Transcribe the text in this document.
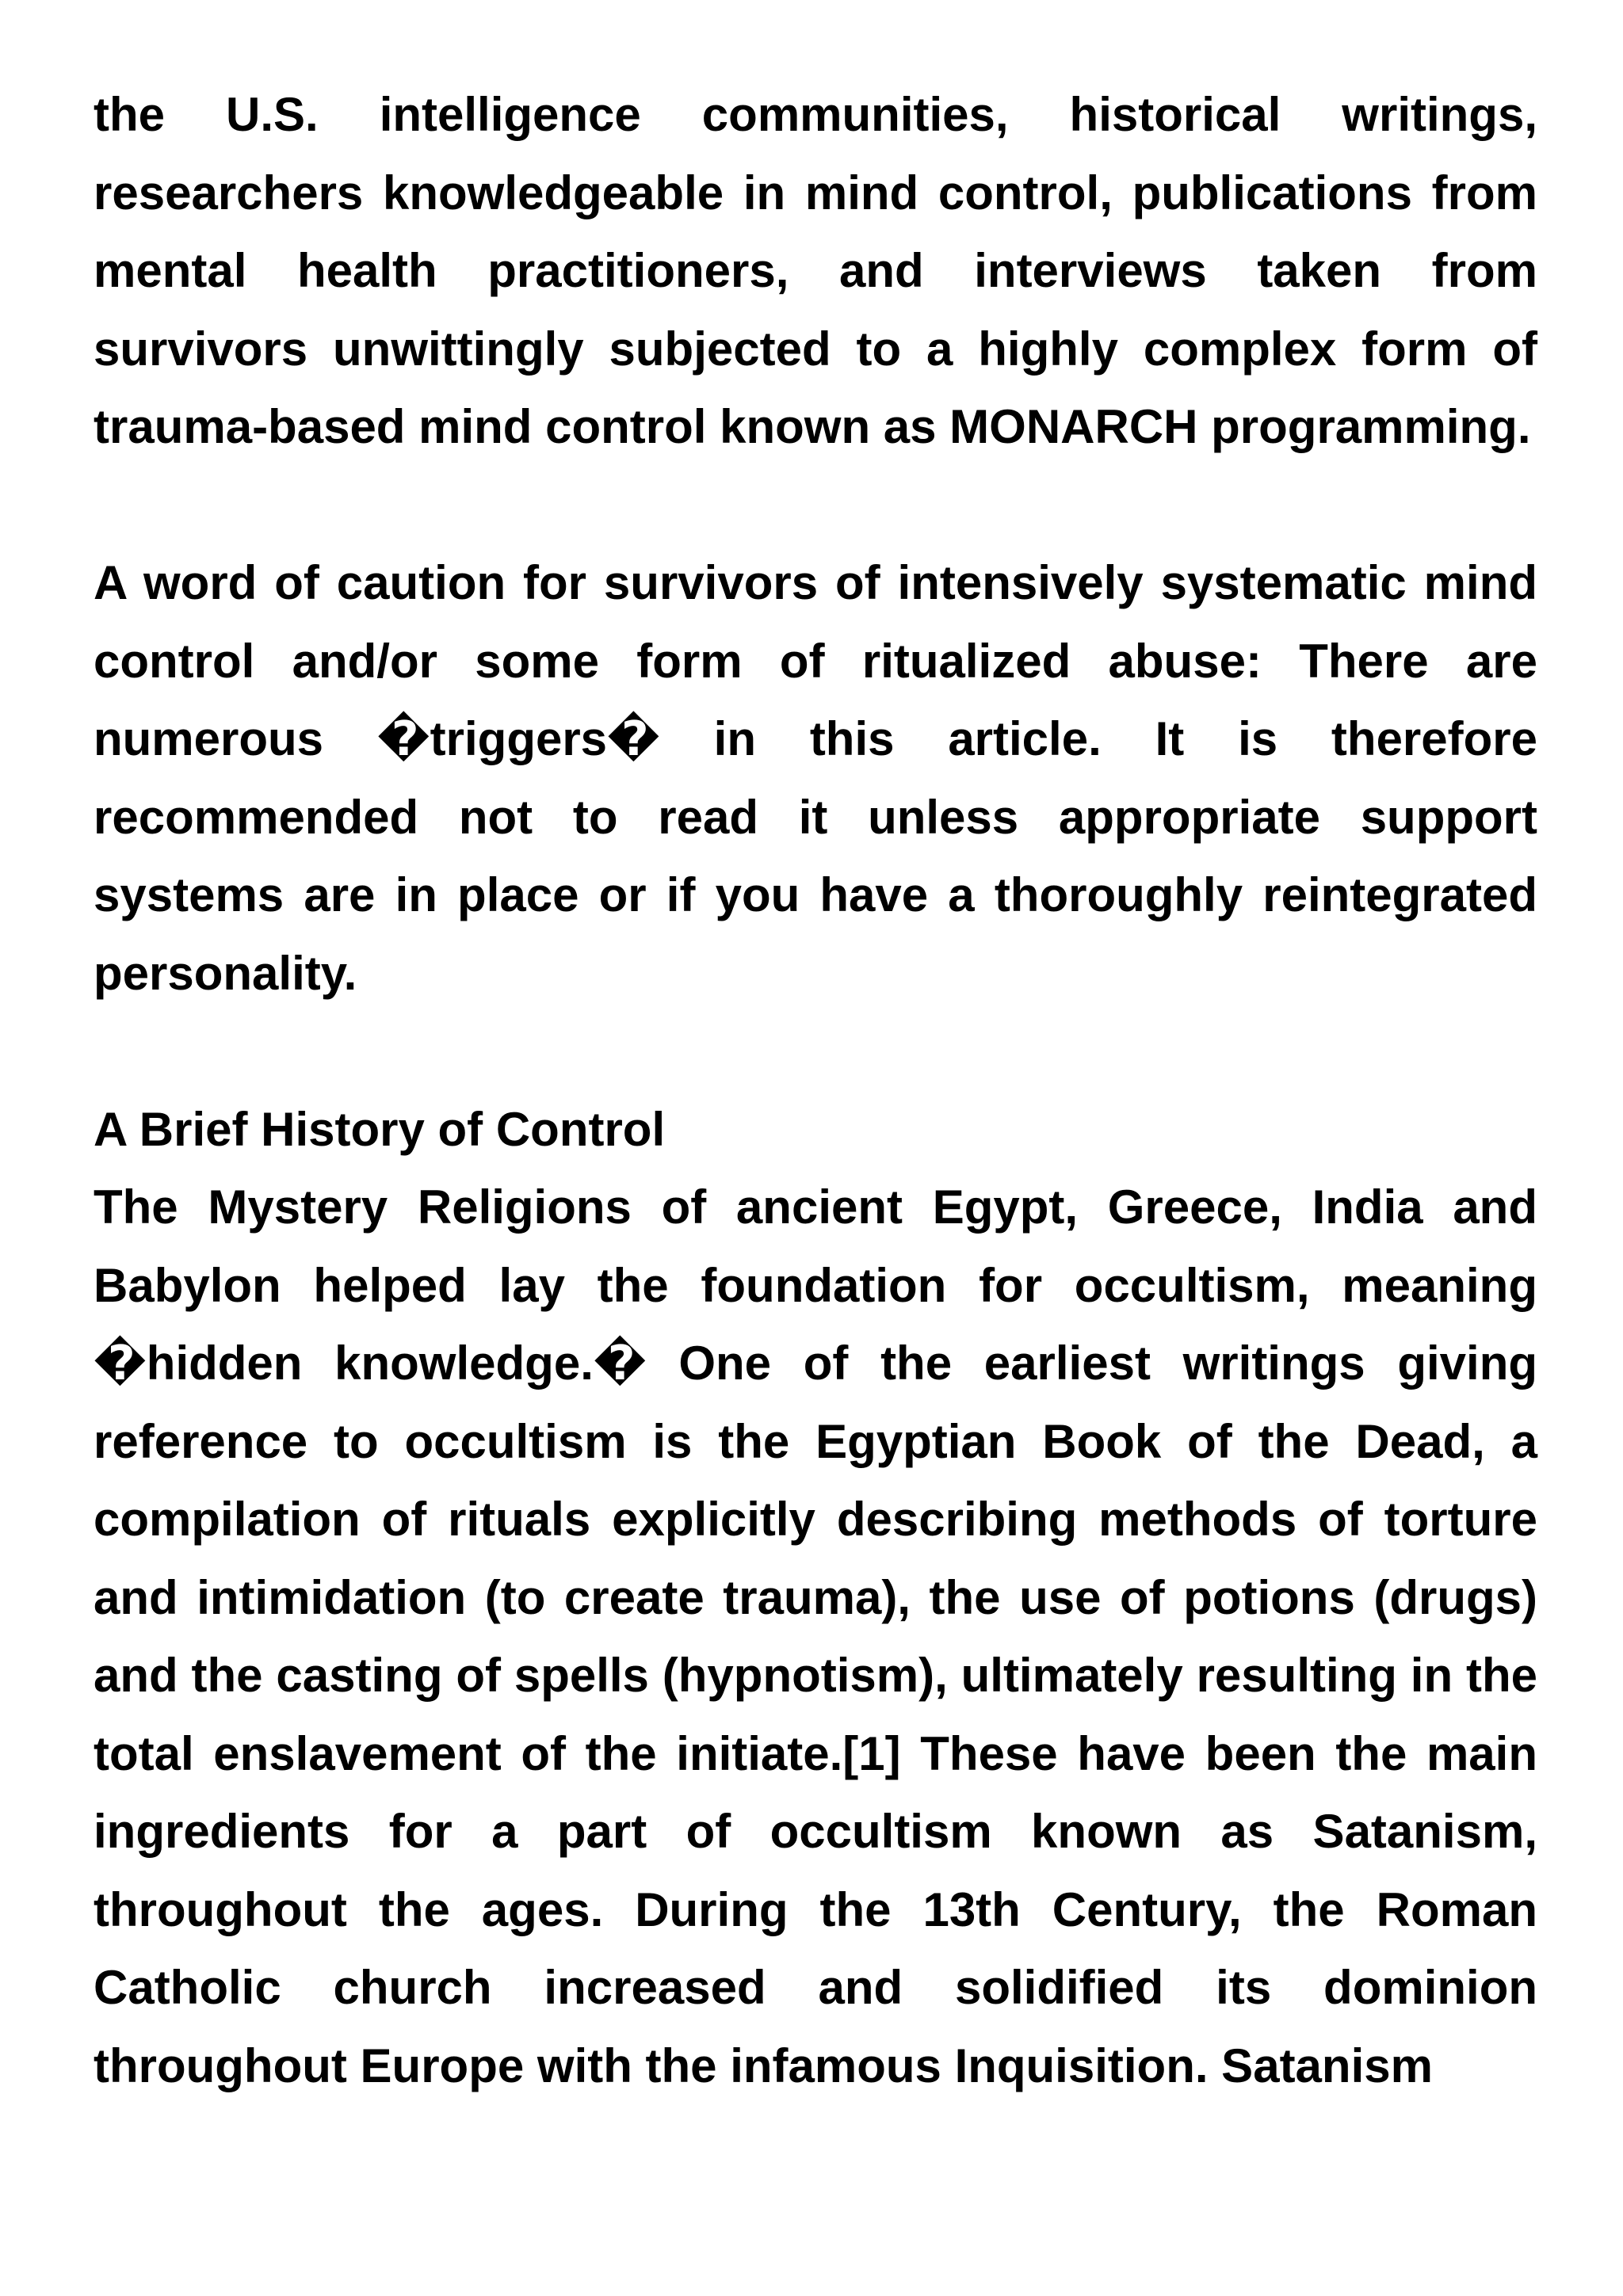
the U.S. intelligence communities, historical writings, researchers knowledgeable in mind control, publications from mental health practitioners, and interviews taken from survivors unwittingly subjected to a highly complex form of trauma-based mind control known as MONARCH programming.

A word of caution for survivors of intensively systematic mind control and/or some form of ritualized abuse: There are numerous �triggers� in this article. It is therefore recommended not to read it unless appropriate support systems are in place or if you have a thoroughly reintegrated personality.

A Brief History of Control

The Mystery Religions of ancient Egypt, Greece, India and Babylon helped lay the foundation for occultism, meaning �hidden knowledge.� One of the earliest writings giving reference to occultism is the Egyptian Book of the Dead, a compilation of rituals explicitly describing methods of torture and intimidation (to create trauma), the use of potions (drugs) and the casting of spells (hypnotism), ultimately resulting in the total enslavement of the initiate.[1] These have been the main ingredients for a part of occultism known as Satanism, throughout the ages. During the 13th Century, the Roman Catholic church increased and solidified its dominion throughout Europe with the infamous Inquisition. Satanism
